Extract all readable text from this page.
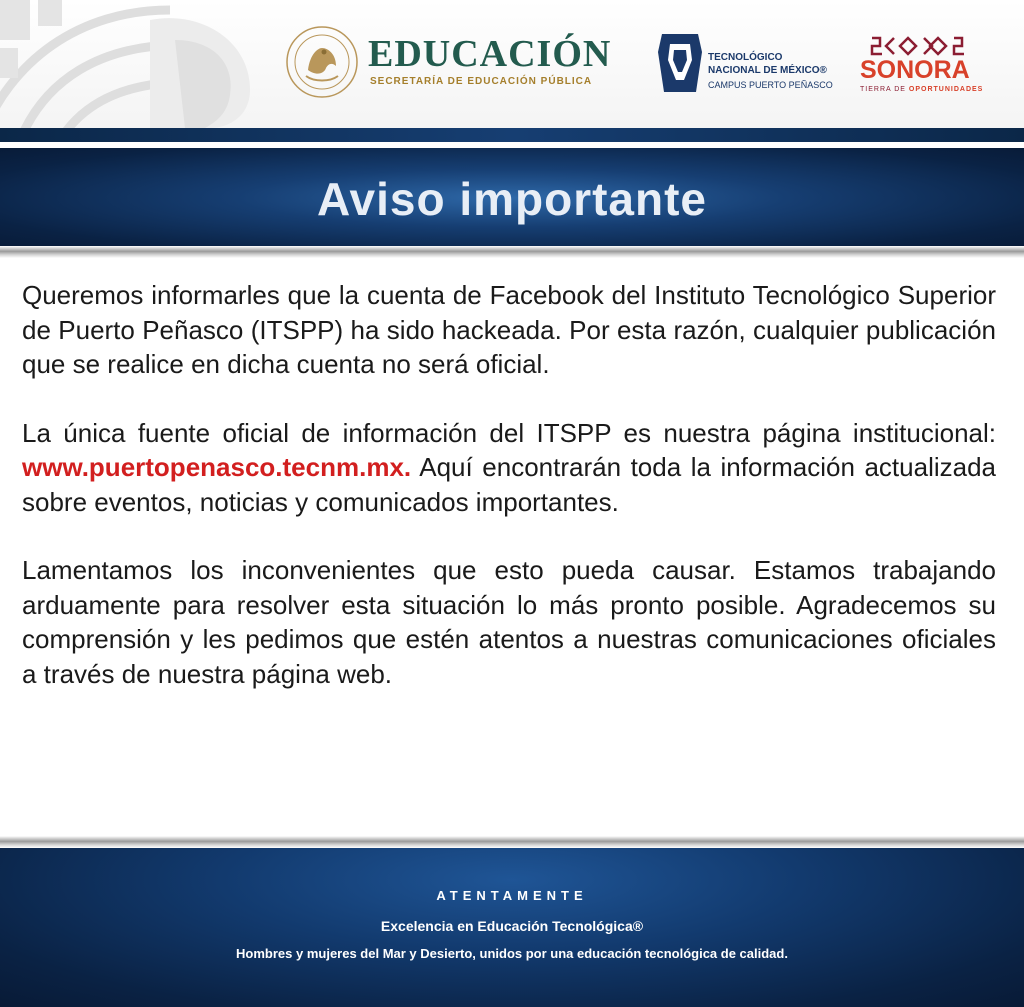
EDUCACIÓN
SECRETARÍA DE EDUCACIÓN PÚBLICA
TECNOLÓGICO
NACIONAL DE MÉXICO®
CAMPUS PUERTO PEÑASCO
SONORA
TIERRA DE OPORTUNIDADES
Aviso importante

Queremos informarles que la cuenta de Facebook del Instituto Tecnológico Superior de Puerto Peñasco (ITSPP) ha sido hackeada. Por esta razón, cualquier publicación que se realice en dicha cuenta no será oficial.

La única fuente oficial de información del ITSPP es nuestra página institucional: www.puertopenasco.tecnm.mx. Aquí encontrarán toda la información actualizada sobre eventos, noticias y comunicados importantes.

Lamentamos los inconvenientes que esto pueda causar. Estamos trabajando arduamente para resolver esta situación lo más pronto posible. Agradecemos su comprensión y les pedimos que estén atentos a nuestras comunicaciones oficiales a través de nuestra página web.

ATENTAMENTE
Excelencia en Educación Tecnológica®
Hombres y mujeres del Mar y Desierto, unidos por una educación tecnológica de calidad.
